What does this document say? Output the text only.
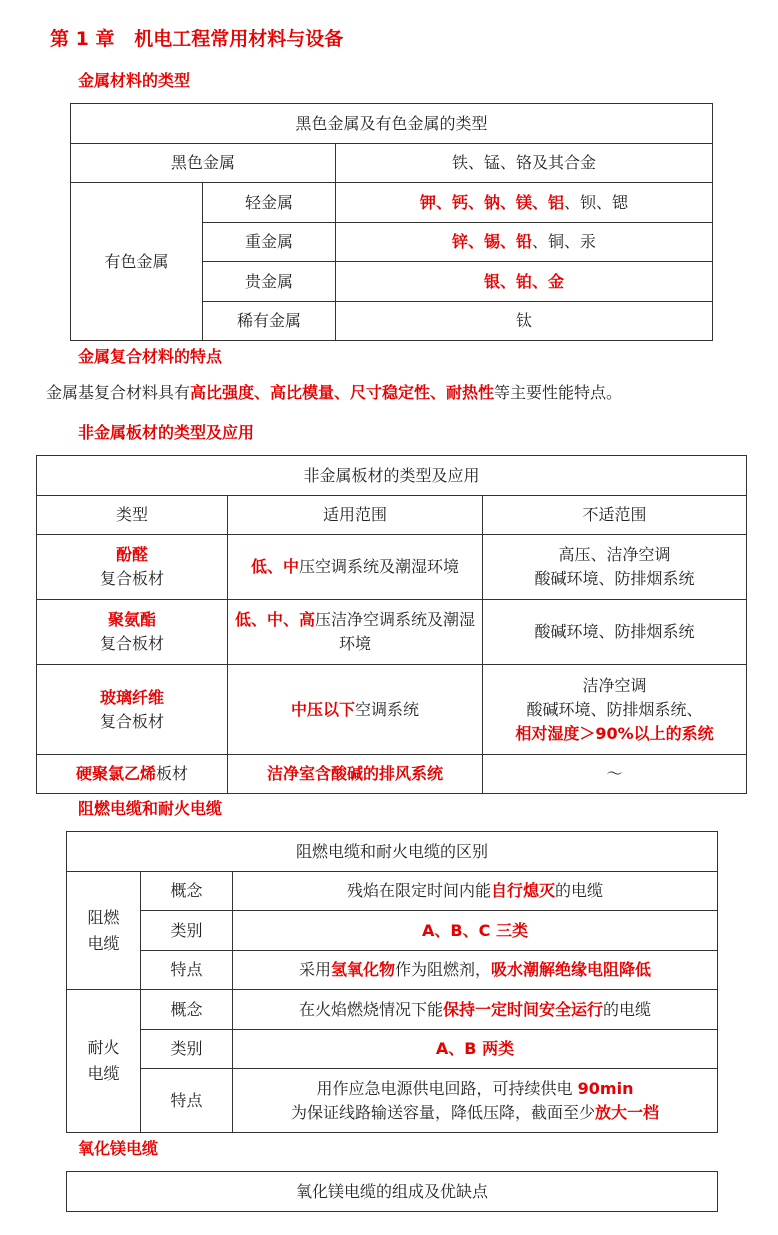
第 1 章   机电工程常用材料与设备
金属材料的类型
黑色金属及有色金属的类型		
黑色金属		铁、锰、铬及其合金
有色金属	轻金属	钾、钙、钠、镁、铝、钡、锶
	重金属	锌、锡、铅、铜、汞
	贵金属	银、铂、金
	稀有金属	钛
金属复合材料的特点
金属基复合材料具有高比强度、高比模量、尺寸稳定性、耐热性等主要性能特点。
非金属板材的类型及应用
非金属板材的类型及应用		
类型	适用范围	不适范围
酚醛
复合板材	低、中压空调系统及潮湿环境	高压、洁净空调
酸碱环境、防排烟系统
聚氨酯
复合板材	低、中、高压洁净空调系统及潮湿环境	酸碱环境、防排烟系统
玻璃纤维
复合板材	中压以下空调系统	洁净空调
酸碱环境、防排烟系统、
相对湿度＞90%以上的系统
硬聚氯乙烯板材	洁净室含酸碱的排风系统	～
阻燃电缆和耐火电缆
阻燃电缆和耐火电缆的区别		
阻燃电缆	概念	残焰在限定时间内能自行熄灭的电缆
	类别	A、B、C 三类
	特点	采用氢氧化物作为阻燃剂，吸水潮解绝缘电阻降低
耐火电缆	概念	在火焰燃烧情况下能保持一定时间安全运行的电缆
	类别	A、B 两类
	特点	用作应急电源供电回路，可持续供电 90min
为保证线路输送容量，降低压降，截面至少放大一档
氧化镁电缆
氧化镁电缆的组成及优缺点
